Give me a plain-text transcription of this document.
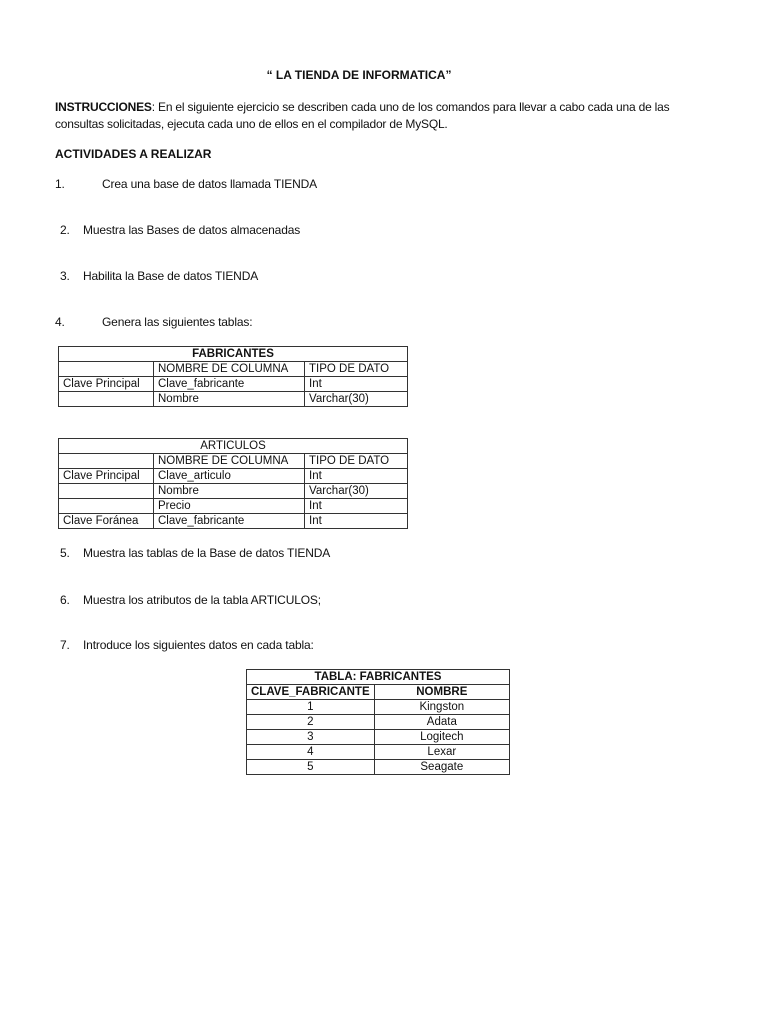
“ LA TIENDA DE INFORMATICA”
INSTRUCCIONES: En el siguiente ejercicio se describen cada uno de los comandos para llevar a cabo cada una de las
consultas solicitadas, ejecuta cada uno de ellos en el compilador de MySQL.
ACTIVIDADES A REALIZAR
1.	Crea una base de datos llamada TIENDA
2. Muestra las Bases de datos almacenadas
3. Habilita la Base de datos TIENDA
4.	Genera las siguientes tablas:
FABRICANTES		
	NOMBRE DE COLUMNA	TIPO DE DATO
Clave Principal	Clave_fabricante	Int
	Nombre	Varchar(30)
ARTICULOS		
	NOMBRE DE COLUMNA	TIPO DE DATO
Clave Principal	Clave_articulo	Int
	Nombre	Varchar(30)
	Precio	Int
Clave Foránea	Clave_fabricante	Int
5. Muestra las tablas de la Base de datos TIENDA
6. Muestra los atributos de la tabla ARTICULOS;
7. Introduce los siguientes datos en cada tabla:
TABLA: FABRICANTES	
CLAVE_FABRICANTE	NOMBRE
1	Kingston
2	Adata
3	Logitech
4	Lexar
5	Seagate
